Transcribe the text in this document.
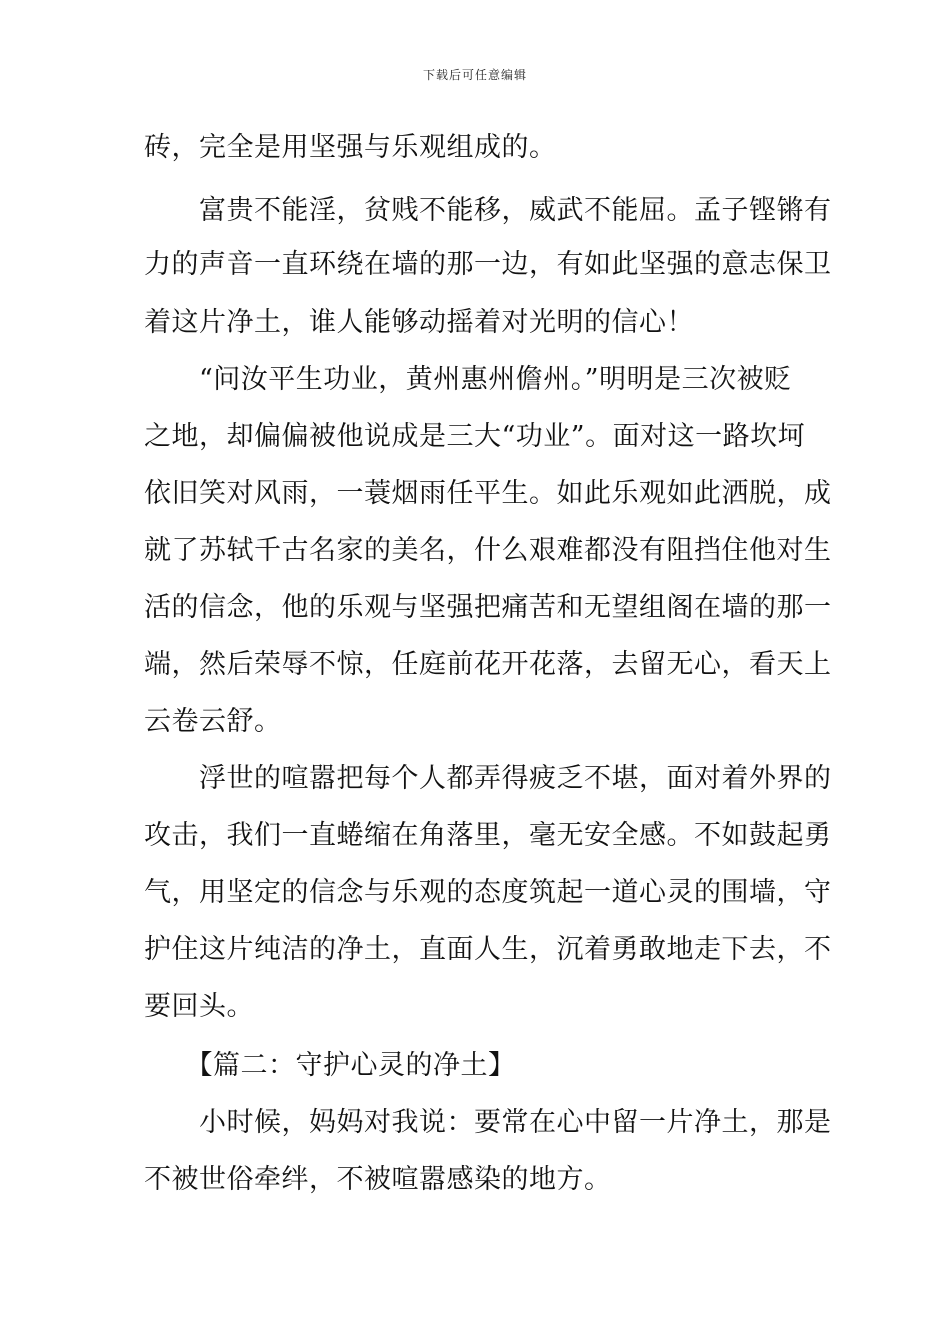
下载后可任意编辑
砖，完全是用坚强与乐观组成的。
　　富贵不能淫，贫贱不能移，威武不能屈。孟子铿锵有
力的声音一直环绕在墙的那一边，有如此坚强的意志保卫
着这片净土，谁人能够动摇着对光明的信心！
　　“问汝平生功业，黄州惠州儋州。”明明是三次被贬
之地，却偏偏被他说成是三大“功业”。面对这一路坎坷
依旧笑对风雨，一蓑烟雨任平生。如此乐观如此洒脱，成
就了苏轼千古名家的美名，什么艰难都没有阻挡住他对生
活的信念，他的乐观与坚强把痛苦和无望组阁在墙的那一
端，然后荣辱不惊，任庭前花开花落，去留无心，看天上
云卷云舒。
　　浮世的喧嚣把每个人都弄得疲乏不堪，面对着外界的
攻击，我们一直蜷缩在角落里，毫无安全感。不如鼓起勇
气，用坚定的信念与乐观的态度筑起一道心灵的围墙，守
护住这片纯洁的净土，直面人生，沉着勇敢地走下去，不
要回头。
　　【篇二：守护心灵的净土】
　　小时候，妈妈对我说：要常在心中留一片净土，那是
不被世俗牵绊，不被喧嚣感染的地方。
